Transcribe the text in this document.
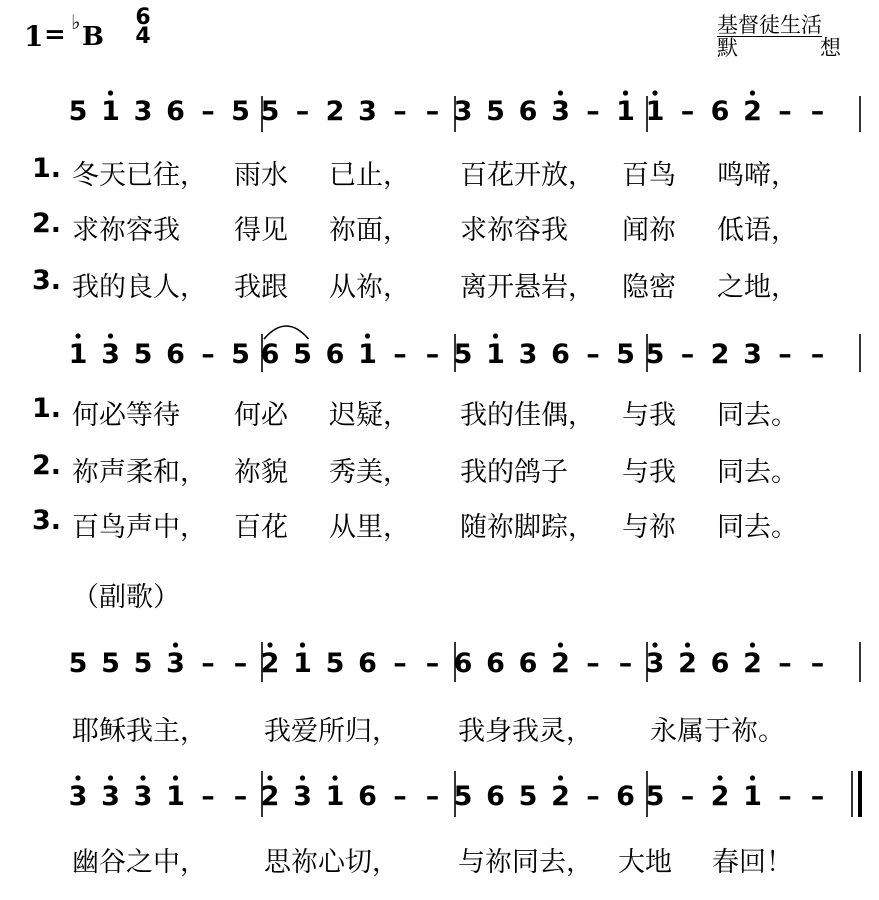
1 = ♭ B
6
4	基督徒生活
默	想
5 1 3 6 – 5 5 – 2 3 – – 3 5 6 3 – 1 1 – 6 2 – –
1 3 5 6 – 5 6 5 6 1 – – 5 1 3 6 – 5 5 – 2 3 – –
5 5 5 3 – – 2 1 5 6 – – 6 6 6 2 – – 3 2 6 2 – –
3 3 3 1 – – 2 3 1 6 – – 5 6 5 2 – 6 5 – 2 1 – –
1. 冬天已往， 雨水 已止， 百花开放， 百鸟 鸣啼，
2. 求祢容我 得见 祢面， 求祢容我 闻祢 低语，
3. 我的良人， 我跟 从祢， 离开悬岩， 隐密 之地，
1. 何必等待 何必 迟疑， 我的佳偶， 与我 同去。
2. 祢声柔和， 祢貌 秀美， 我的鸽子 与我 同去。
3. 百鸟声中， 百花 从里， 随祢脚踪， 与祢 同去。
（副歌）
耶稣我主， 我爱所归， 我身我灵， 永属于祢。
幽谷之中， 思祢心切， 与祢同去， 大地 春回！
